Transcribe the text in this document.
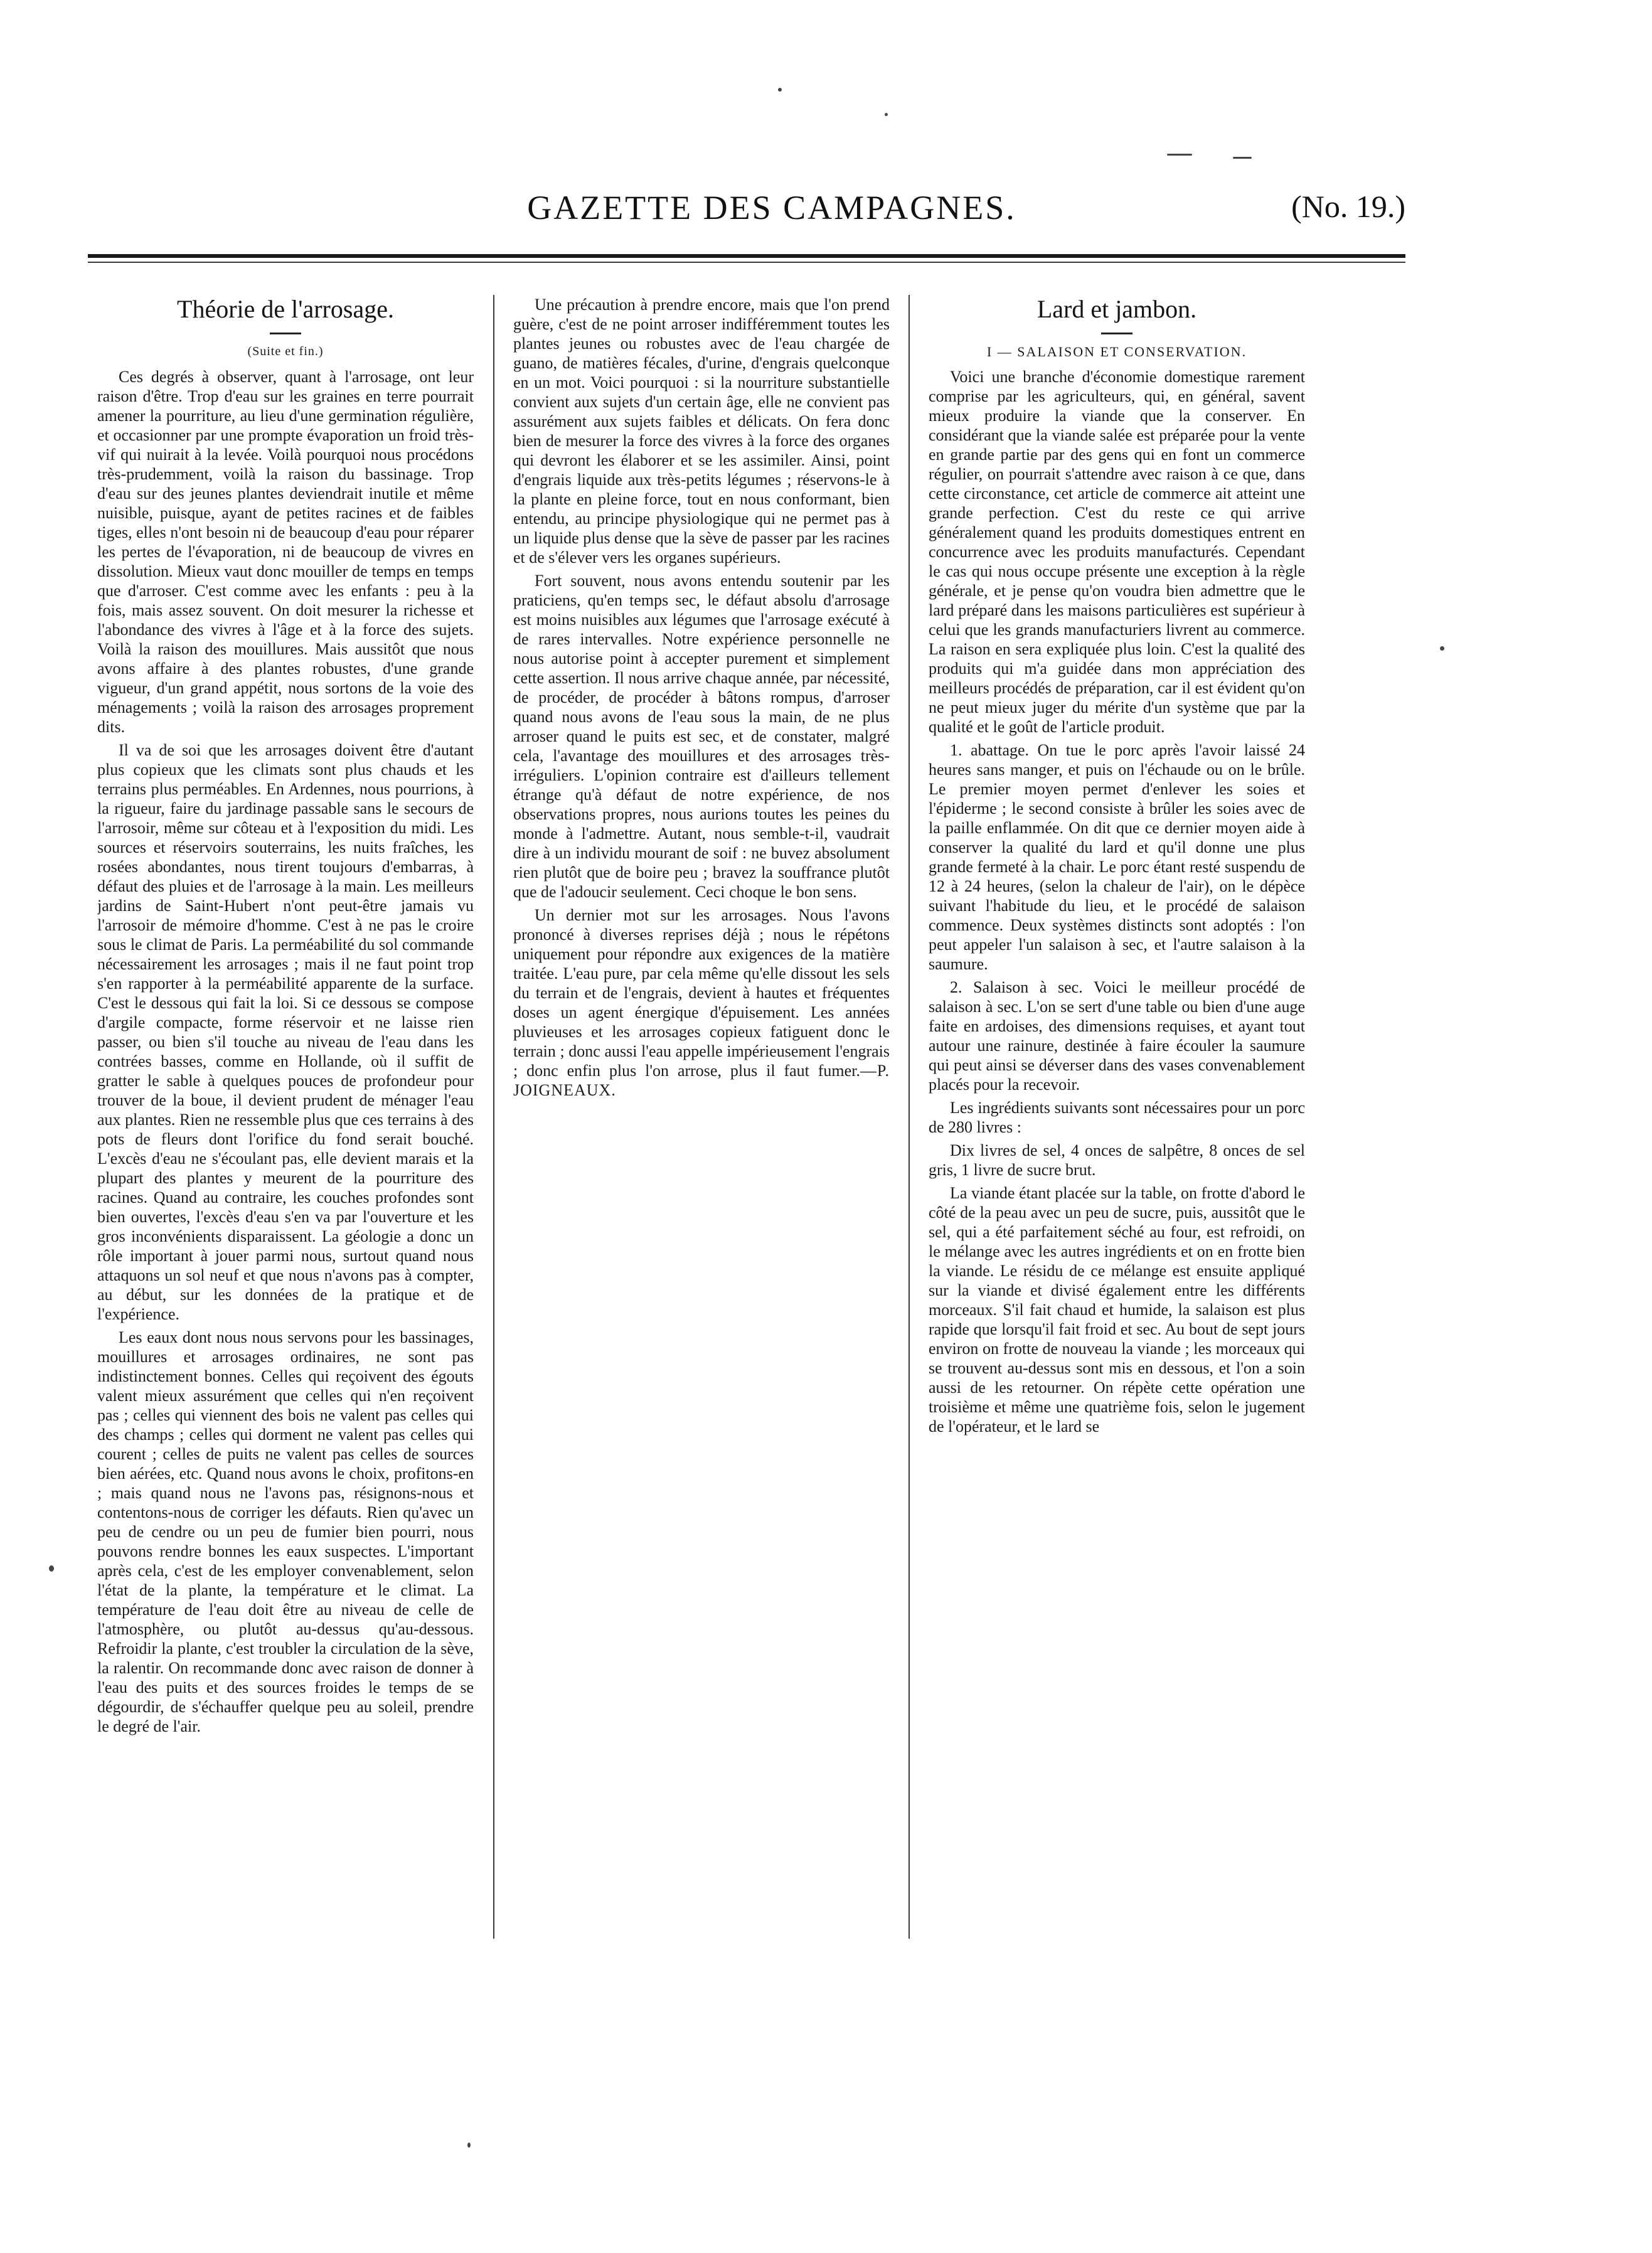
GAZETTE DES CAMPAGNES.	(No. 19.)
Théorie de l'arrosage.
(Suite et fin.)

Ces degrés à observer, quant à l'arrosage, ont leur raison d'être. Trop d'eau sur les graines en terre pourrait amener la pourriture, au lieu d'une germination régulière, et occasionner par une prompte évaporation un froid très-vif qui nuirait à la levée. Voilà pourquoi nous procédons très-prudemment, voilà la raison du bassinage. Trop d'eau sur des jeunes plantes deviendrait inutile et même nuisible, puisque, ayant de petites racines et de faibles tiges, elles n'ont besoin ni de beaucoup d'eau pour réparer les pertes de l'évaporation, ni de beaucoup de vivres en dissolution. Mieux vaut donc mouiller de temps en temps que d'arroser. C'est comme avec les enfants : peu à la fois, mais assez souvent. On doit mesurer la richesse et l'abondance des vivres à l'âge et à la force des sujets. Voilà la raison des mouillures. Mais aussitôt que nous avons affaire à des plantes robustes, d'une grande vigueur, d'un grand appétit, nous sortons de la voie des ménagements ; voilà la raison des arrosages proprement dits.

Il va de soi que les arrosages doivent être d'autant plus copieux que les climats sont plus chauds et les terrains plus perméables. En Ardennes, nous pourrions, à la rigueur, faire du jardinage passable sans le secours de l'arrosoir, même sur côteau et à l'exposition du midi. Les sources et réservoirs souterrains, les nuits fraîches, les rosées abondantes, nous tirent toujours d'embarras, à défaut des pluies et de l'arrosage à la main. Les meilleurs jardins de Saint-Hubert n'ont peut-être jamais vu l'arrosoir de mémoire d'homme. C'est à ne pas le croire sous le climat de Paris. La perméabilité du sol commande nécessairement les arrosages ; mais il ne faut point trop s'en rapporter à la perméabilité apparente de la surface. C'est le dessous qui fait la loi. Si ce dessous se compose d'argile compacte, forme réservoir et ne laisse rien passer, ou bien s'il touche au niveau de l'eau dans les contrées basses, comme en Hollande, où il suffit de gratter le sable à quelques pouces de profondeur pour trouver de la boue, il devient prudent de ménager l'eau aux plantes. Rien ne ressemble plus que ces terrains à des pots de fleurs dont l'orifice du fond serait bouché. L'excès d'eau ne s'écoulant pas, elle devient marais et la plupart des plantes y meurent de la pourriture des racines. Quand au contraire, les couches profondes sont bien ouvertes, l'excès d'eau s'en va par l'ouverture et les gros inconvénients disparaissent. La géologie a donc un rôle important à jouer parmi nous, surtout quand nous attaquons un sol neuf et que nous n'avons pas à compter, au début, sur les données de la pratique et de l'expérience.

Les eaux dont nous nous servons pour les bassinages, mouillures et arrosages ordinaires, ne sont pas indistinctement bonnes. Celles qui reçoivent des égouts valent mieux assurément que celles qui n'en reçoivent pas ; celles qui viennent des bois ne valent pas celles qui des champs ; celles qui dorment ne valent pas celles qui courent ; celles de puits ne valent pas celles de sources bien aérées, etc. Quand nous avons le choix, profitons-en ; mais quand nous ne l'avons pas, résignons-nous et contentons-nous de corriger les défauts. Rien qu'avec un peu de cendre ou un peu de fumier bien pourri, nous pouvons rendre bonnes les eaux suspectes. L'important après cela, c'est de les employer convenablement, selon l'état de la plante, la température et le climat. La température de l'eau doit être au niveau de celle de l'atmosphère, ou plutôt au-dessus qu'au-dessous. Refroidir la plante, c'est troubler la circulation de la sève, la ralentir. On recommande donc avec raison de donner à l'eau des puits et des sources froides le temps de se dégourdir, de s'échauffer quelque peu au soleil, prendre le degré de l'air.

Une précaution à prendre encore, mais que l'on prend guère, c'est de ne point arroser indifféremment toutes les plantes jeunes ou robustes avec de l'eau chargée de guano, de matières fécales, d'urine, d'engrais quelconque en un mot. Voici pourquoi : si la nourriture substantielle convient aux sujets d'un certain âge, elle ne convient pas assurément aux sujets faibles et délicats. On fera donc bien de mesurer la force des vivres à la force des organes qui devront les élaborer et se les assimiler. Ainsi, point d'engrais liquide aux très-petits légumes ; réservons-le à la plante en pleine force, tout en nous conformant, bien entendu, au principe physiologique qui ne permet pas à un liquide plus dense que la sève de passer par les racines et de s'élever vers les organes supérieurs.

Fort souvent, nous avons entendu soutenir par les praticiens, qu'en temps sec, le défaut absolu d'arrosage est moins nuisibles aux légumes que l'arrosage exécuté à de rares intervalles. Notre expérience personnelle ne nous autorise point à accepter purement et simplement cette assertion. Il nous arrive chaque année, par nécessité, de procéder, de procéder à bâtons rompus, d'arroser quand nous avons de l'eau sous la main, de ne plus arroser quand le puits est sec, et de constater, malgré cela, l'avantage des mouillures et des arrosages très-irréguliers. L'opinion contraire est d'ailleurs tellement étrange qu'à défaut de notre expérience, de nos observations propres, nous aurions toutes les peines du monde à l'admettre. Autant, nous semble-t-il, vaudrait dire à un individu mourant de soif : ne buvez absolument rien plutôt que de boire peu ; bravez la souffrance plutôt que de l'adoucir seulement. Ceci choque le bon sens.

Un dernier mot sur les arrosages. Nous l'avons prononcé à diverses reprises déjà ; nous le répétons uniquement pour répondre aux exigences de la matière traitée. L'eau pure, par cela même qu'elle dissout les sels du terrain et de l'engrais, devient à hautes et fréquentes doses un agent énergique d'épuisement. Les années pluvieuses et les arrosages copieux fatiguent donc le terrain ; donc aussi l'eau appelle impérieusement l'engrais ; donc enfin plus l'on arrose, plus il faut fumer.—P. JOIGNEAUX.

Lard et jambon.
I — SALAISON ET CONSERVATION.

Voici une branche d'économie domestique rarement comprise par les agriculteurs, qui, en général, savent mieux produire la viande que la conserver. En considérant que la viande salée est préparée pour la vente en grande partie par des gens qui en font un commerce régulier, on pourrait s'attendre avec raison à ce que, dans cette circonstance, cet article de commerce ait atteint une grande perfection. C'est du reste ce qui arrive généralement quand les produits domestiques entrent en concurrence avec les produits manufacturés. Cependant le cas qui nous occupe présente une exception à la règle générale, et je pense qu'on voudra bien admettre que le lard préparé dans les maisons particulières est supérieur à celui que les grands manufacturiers livrent au commerce. La raison en sera expliquée plus loin. C'est la qualité des produits qui m'a guidée dans mon appréciation des meilleurs procédés de préparation, car il est évident qu'on ne peut mieux juger du mérite d'un système que par la qualité et le goût de l'article produit.

1. abattage. On tue le porc après l'avoir laissé 24 heures sans manger, et puis on l'échaude ou on le brûle. Le premier moyen permet d'enlever les soies et l'épiderme ; le second consiste à brûler les soies avec de la paille enflammée. On dit que ce dernier moyen aide à conserver la qualité du lard et qu'il donne une plus grande fermeté à la chair. Le porc étant resté suspendu de 12 à 24 heures, (selon la chaleur de l'air), on le dépèce suivant l'habitude du lieu, et le procédé de salaison commence. Deux systèmes distincts sont adoptés : l'on peut appeler l'un salaison à sec, et l'autre salaison à la saumure.

2. Salaison à sec. Voici le meilleur procédé de salaison à sec. L'on se sert d'une table ou bien d'une auge faite en ardoises, des dimensions requises, et ayant tout autour une rainure, destinée à faire écouler la saumure qui peut ainsi se déverser dans des vases convenablement placés pour la recevoir.

Les ingrédients suivants sont nécessaires pour un porc de 280 livres :

Dix livres de sel, 4 onces de salpêtre, 8 onces de sel gris, 1 livre de sucre brut.

La viande étant placée sur la table, on frotte d'abord le côté de la peau avec un peu de sucre, puis, aussitôt que le sel, qui a été parfaitement séché au four, est refroidi, on le mélange avec les autres ingrédients et on en frotte bien la viande. Le résidu de ce mélange est ensuite appliqué sur la viande et divisé également entre les différents morceaux. S'il fait chaud et humide, la salaison est plus rapide que lorsqu'il fait froid et sec. Au bout de sept jours environ on frotte de nouveau la viande ; les morceaux qui se trouvent au-dessus sont mis en dessous, et l'on a soin aussi de les retourner. On répète cette opération une troisième et même une quatrième fois, selon le jugement de l'opérateur, et le lard se
